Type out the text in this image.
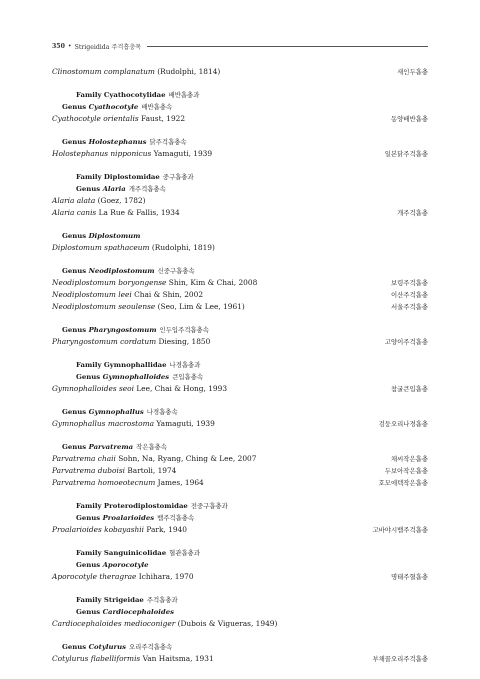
350 • Strigeidida 주걱흡충목
Clinostomum complanatum (Rudolphi, 1814)	새인두흡충
Family Cyathocotylidae 배반흡충과
Genus Cyathocotyle 배반흡충속
Cyathocotyle orientalis Faust, 1922	동양배반흡충
Genus Holostephanus 닭주걱흡충속
Holostephanus nipponicus Yamaguti, 1939	일본닭주걱흡충
Family Diplostomidae 중구흡충과
Genus Alaria 개주걱흡충속
Alaria alata (Goez, 1782)
Alaria canis La Rue & Fallis, 1934	개주걱흡충
Genus Diplostomum
Diplostomum spathaceum (Rudolphi, 1819)
Genus Neodiplostomum 신중구흡충속
Neodiplostomum boryongense Shin, Kim & Chai, 2008	보령주걱흡충
Neodiplostomum leei Chai & Shin, 2002	이산주걱흡충
Neodiplostomum seoulense (Seo, Lim & Lee, 1961)	서울주걱흡충
Genus Pharyngostomum 인두입주걱흡충속
Pharyngostomum cordatum Diesing, 1850	고양이주걱흡충
Family Gymnophallidae 나경흡충과
Genus Gymnophalloides 큰입흡충속
Gymnophalloides seoi Lee, Chai & Hong, 1993	참굴큰입흡충
Genus Gymnophallus 나경흡충속
Gymnophallus macrostoma Yamaguti, 1939	검둥오리나경흡충
Genus Parvatrema 작은흡충속
Parvatrema chaii Sohn, Na, Ryang, Ching & Lee, 2007	채씨작은흡충
Parvatrema duboisi Bartoli, 1974	두보아작은흡충
Parvatrema homoeotecnum James, 1964	호모에텍작은흡충
Family Proterodiplostomidae 전중구흡충과
Genus Proalarioides 뱀주걱흡충속
Proalarioides kobayashii Park, 1940	고바야시뱀주걱흡충
Family Sanguinicolidae 혈관흡충과
Genus Aporocotyle
Aporocotyle theragrae Ichihara, 1970	명태주혈흡충
Family Strigeidae 주걱흡충과
Genus Cardiocephaloides
Cardiocephaloides medioconiger (Dubois & Vigueras, 1949)
Genus Cotylurus 오리주걱흡충속
Cotylurus flabelliformis Van Haitsma, 1931	부채꼴오리주걱흡충
